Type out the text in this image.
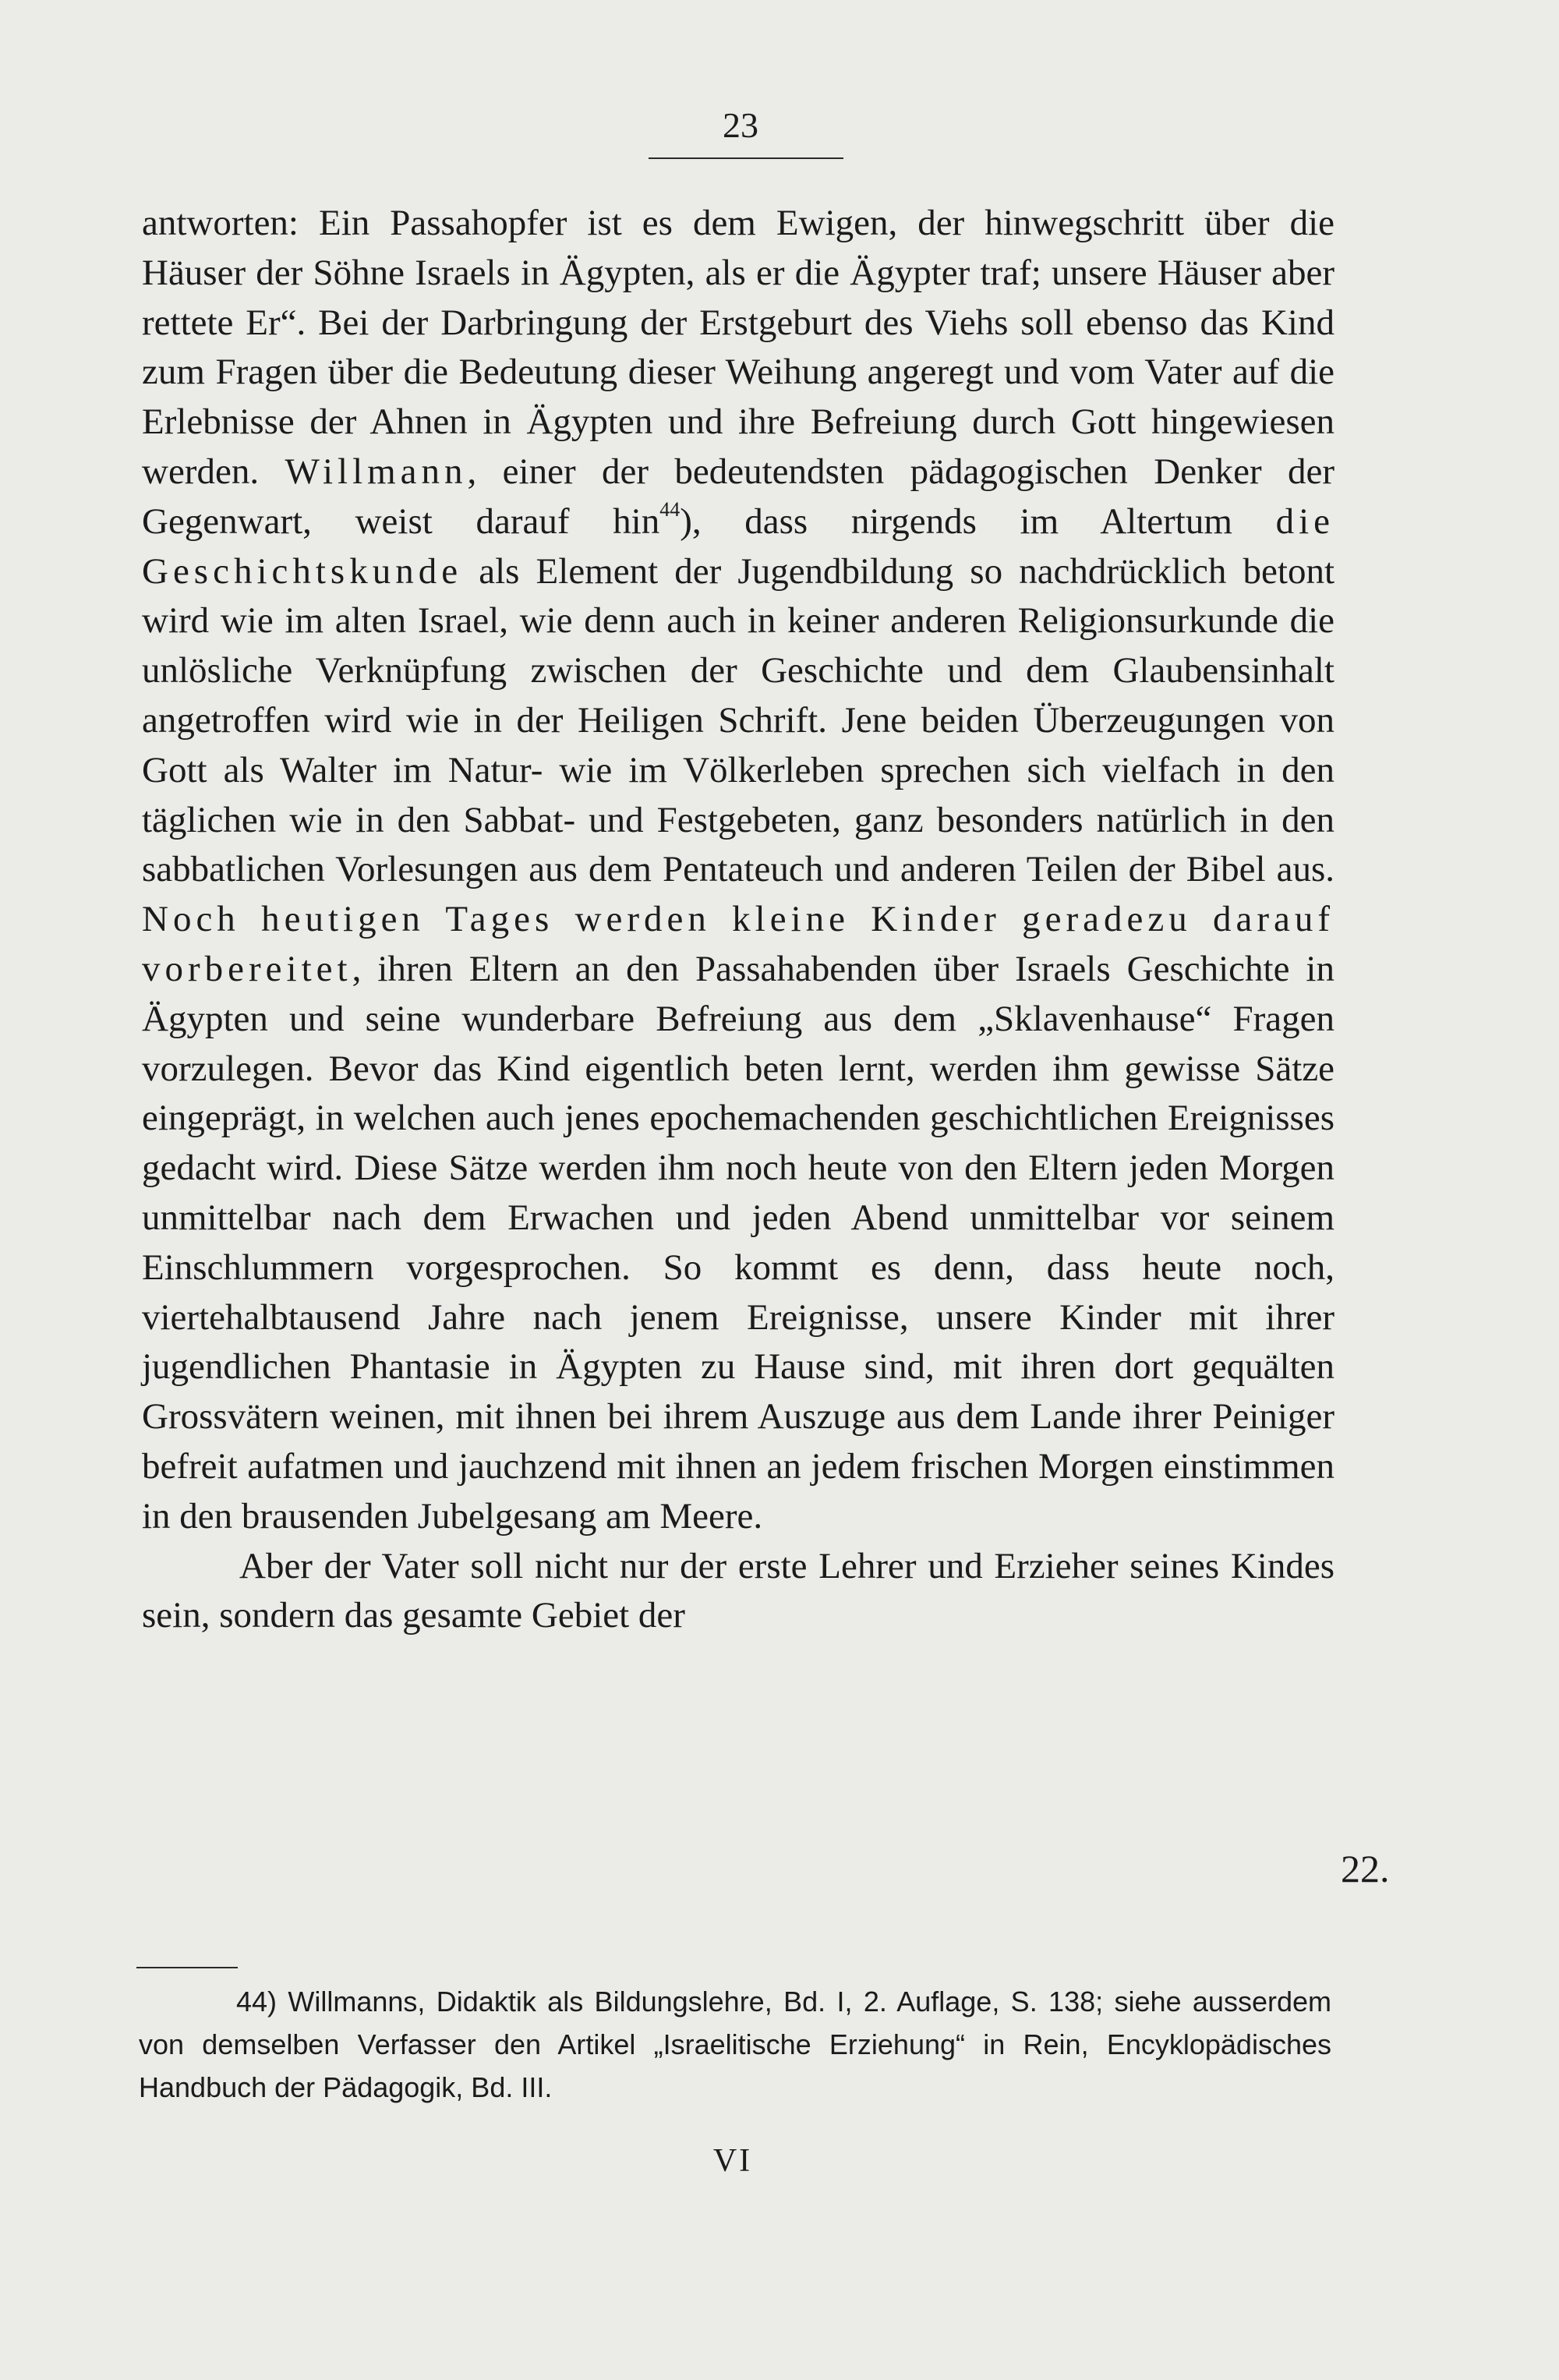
23

antworten: Ein Passahopfer ist es dem Ewigen, der hinwegschritt über die Häuser der Söhne Israels in Ägypten, als er die Ägypter traf; unsere Häuser aber rettete Er“. Bei der Darbringung der Erstgeburt des Viehs soll ebenso das Kind zum Fragen über die Bedeutung dieser Weihung angeregt und vom Vater auf die Erlebnisse der Ahnen in Ägypten und ihre Befreiung durch Gott hingewiesen werden. Willmann, einer der bedeutendsten pädagogischen Denker der Gegenwart, weist darauf hin$^{44}$), dass nirgends im Altertum die Geschichtskunde als Element der Jugendbildung so nachdrücklich betont wird wie im alten Israel, wie denn auch in keiner anderen Religionsurkunde die unlösliche Verknüpfung zwischen der Geschichte und dem Glaubensinhalt angetroffen wird wie in der Heiligen Schrift. Jene beiden Überzeugungen von Gott als Walter im Natur- wie im Völkerleben sprechen sich vielfach in den täglichen wie in den Sabbat- und Festgebeten, ganz besonders natürlich in den sabbatlichen Vorlesungen aus dem Pentateuch und anderen Teilen der Bibel aus. Noch heutigen Tages werden kleine Kinder geradezu darauf vorbereitet, ihren Eltern an den Passahabenden über Israels Geschichte in Ägypten und seine wunderbare Befreiung aus dem „Sklavenhause“ Fragen vorzulegen. Bevor das Kind eigentlich beten lernt, werden ihm gewisse Sätze eingeprägt, in welchen auch jenes epochemachenden geschichtlichen Ereignisses gedacht wird. Diese Sätze werden ihm noch heute von den Eltern jeden Morgen unmittelbar nach dem Erwachen und jeden Abend unmittelbar vor seinem Einschlummern vorgesprochen. So kommt es denn, dass heute noch, viertehalbtausend Jahre nach jenem Ereignisse, unsere Kinder mit ihrer jugendlichen Phantasie in Ägypten zu Hause sind, mit ihren dort gequälten Grossvätern weinen, mit ihnen bei ihrem Auszuge aus dem Lande ihrer Peiniger befreit aufatmen und jauchzend mit ihnen an jedem frischen Morgen einstimmen in den brausenden Jubelgesang am Meere.

Aber der Vater soll nicht nur der erste Lehrer und Erzieher seines Kindes sein, sondern das gesamte Gebiet der

22.

44) Willmanns, Didaktik als Bildungslehre, Bd. I, 2. Auflage, S. 138; siehe ausserdem von demselben Verfasser den Artikel „Israelitische Erziehung“ in Rein, Encyklopädisches Handbuch der Pädagogik, Bd. III.

VI
